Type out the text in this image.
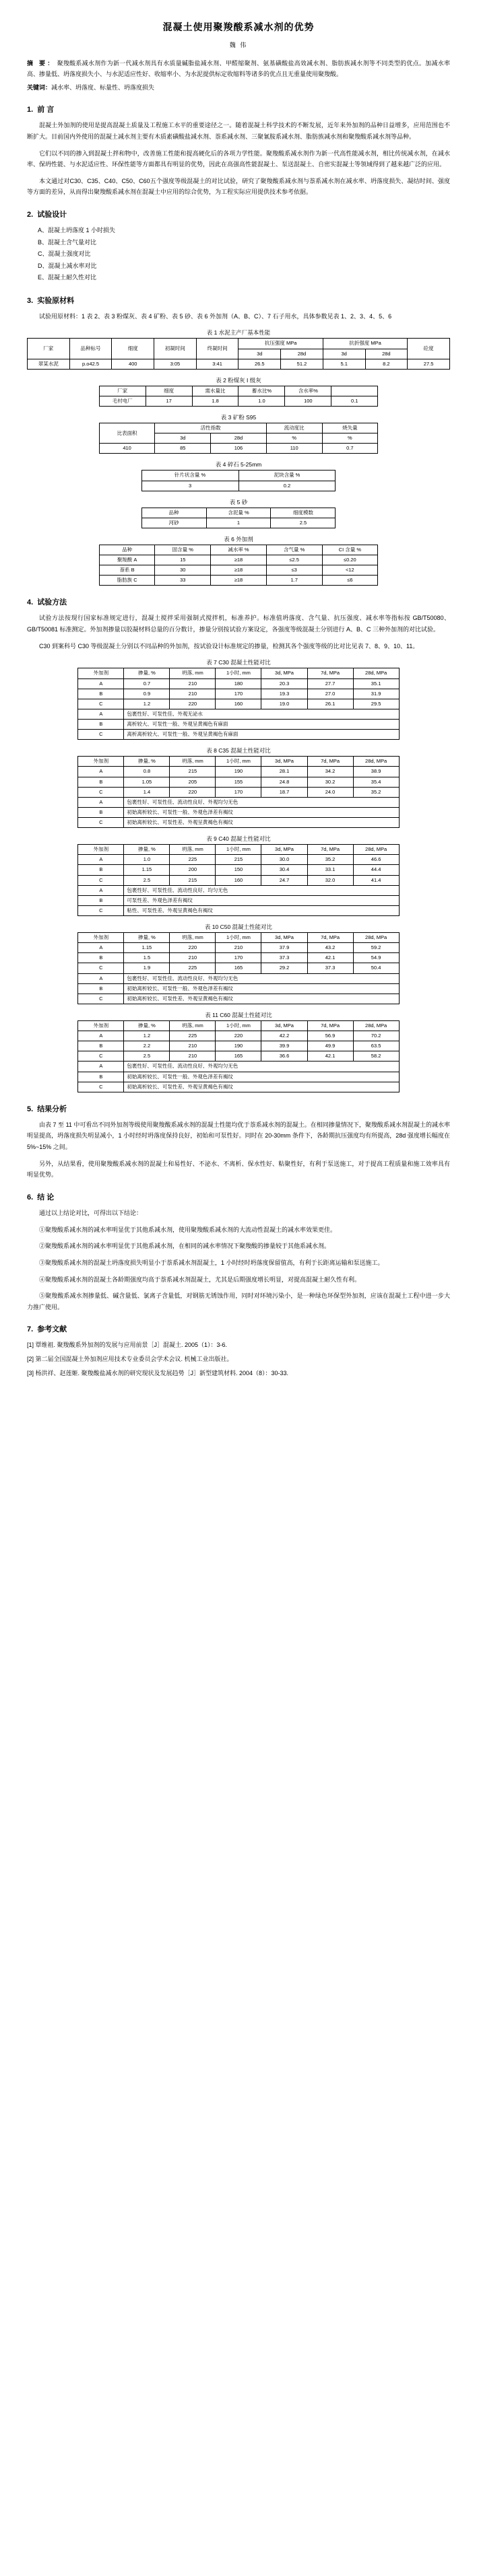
混凝土使用聚羧酸系减水剂的优势
魏 伟
摘 要： 聚羧酸系减水剂作为新一代减水剂具有水质量碱脂盐减水剂、甲醛缩聚剂、氨基磺酸盐高效减水剂、脂肪族减水剂等不同类型的优点。加减水率高、掺量低、坍落度损失小、与水泥适应性好、收缩率小、为水泥提供标定收缩料等诸多的优点且无重量使用聚羧酸。
关键词：减水率、坍落度、标量性、坍落度损失
1. 前 言

混凝土外加剂的使用是提高混凝土质量及工程施工水平的重要途径之一。随着混凝土科学技术的不断发展，近年来外加剂的品种日益增多，应用范围也不断扩大。目前国内外使用的混凝土减水剂主要有木质素磺酸盐减水剂、萘系减水剂、三聚氰胺系减水剂、脂肪族减水剂和聚羧酸系减水剂等品种。

它们以不同的掺入到混凝土拌和物中，改善施工性能和提高硬化后的各项力学性能。聚羧酸系减水剂作为新一代高性能减水剂，相比传统减水剂，在减水率、保坍性能、与水泥适应性、环保性能等方面都具有明显的优势，因此在高强高性能混凝土、泵送混凝土、自密实混凝土等领域得到了越来越广泛的应用。

本文通过对C30、C35、C40、C50、C60五个强度等级混凝土的对比试验，研究了聚羧酸系减水剂与萘系减水剂在减水率、坍落度损失、凝结时间、强度等方面的差异，从而得出聚羧酸系减水剂在混凝土中应用的综合优势，为工程实际应用提供技术参考依据。

2. 试验设计
A、混凝土坍落度 1 小时损失
B、混凝土含气量对比
C、混凝土强度对比
D、混凝土减水率对比
E、混凝土耐久性对比
3. 实验原材料

试验用原材料：1 表 2、表 3 粉煤灰、表 4 矿粉、表 5 砂、表 6 外加剂（A、B、C）、7 石子用水，具体参数见表 1、2、3、4、5、6

表 1 水泥主产厂基本性能
厂家	品种标号	细度	初凝时间	终凝时间	抗压强度 MPa		抗折强度 MPa		砼度
					3d	28d	3d	28d	
翠某水泥	p.o42.5	400	3:05	3:41	26.5	51.2	5.1	8.2	27.5
表 2 粉煤灰 I 级灰
厂家	细度	需水量比	蓄水比%	含水率%	
毛村电厂	17	1.8	1.0	100	0.1
表 3 矿粉 S95
比表面积	活性指数		流动度比	烧失量
	3d	28d	%	%
410	85	106	110	0.7
表 4 碎石 5-25mm
针片状含量 %	泥块含量 %
3	0.2
表 5 砂
品种	含泥量 %	细度模数
河砂	1	2.5
表 6 外加剂
品种	固含量 %	减水率 %	含气量 %	CI 含量 %
聚羧酸 A	15	≥18	≤2.5	≤0.20
萘系 B	30	≥18	≤3	<12
脂肪族 C	33	≥18	1.7	≤6
4. 试验方法

试验方法按现行国家标准规定进行，混凝土搅拌采用强制式搅拌机，标准养护。标准值坍落度、含气量、抗压强度、减水率等指标按 GB/T50080、GB/T50081 标准测定。外加剂掺量以胶凝材料总量的百分数计，掺量分别按试验方案设定，各强度等级混凝土分别进行 A、B、C 三种外加剂的对比试验。

C30 到案科号 C30 等级混凝土分别以不同品种的外加剂，按试验设计标准规定的掺量，检测其各个强度等级的比对比见表 7、8、9、10、11。

表 7 C30 混凝土性能对比
外加剂	掺量, %	坍落, mm	1小时, mm	3d, MPa	7d, MPa	28d, MPa
A	0.7	210	180	20.3	27.7	35.1
B	0.9	210	170	19.3	27.0	31.9
C	1.2	220	160	19.0	26.1	29.5
A	包裹性好、可泵性佳、外观无泌水					
B	离析较大、可泵性一般、外观呈黄褐色有麻面					
C	离析离析较大、可泵性一般、外观呈黄褐色有麻面					
表 8 C35 混凝土性能对比
外加剂	掺量, %	坍落, mm	1小时, mm	3d, MPa	7d, MPa	28d, MPa
A	0.8	215	190	28.1	34.2	38.9
B	1.05	205	155	24.8	30.2	35.4
C	1.4	220	170	18.7	24.0	35.2
A	包裹性好、可泵性佳、流动性良好、外观均匀无色					
B	初始离析较长、可泵性一般、外观色泽差有褐纹					
C	初始离析较长、可泵性差、外观呈黄褐色有褐纹					
表 9 C40 混凝土性能对比
外加剂	掺量, %	坍落, mm	1小时, mm	3d, MPa	7d, MPa	28d, MPa
A	1.0	225	215	30.0	35.2	46.6
B	1.15	200	150	30.4	33.1	44.4
C	2.5	215	160	24.7	32.0	41.4
A	包裹性好、可泵性佳、流动性良好、均匀无色					
B	可泵性差、外观色泽差有褐纹					
C	粘性、可泵性差、外观呈黄褐色有褐纹					
表 10 C50 混凝土性能对比
外加剂	掺量, %	坍落, mm	1小时, mm	3d, MPa	7d, MPa	28d, MPa
A	1.15	220	210	37.9	43.2	59.2
B	1.5	210	170	37.3	42.1	54.9
C	1.9	225	165	29.2	37.3	50.4
A	包裹性好、可泵性佳、流动性良好、外观均匀无色					
B	初始离析较长、可泵性一般、外观色泽差有褐纹					
C	初始离析较长、可泵性差、外观呈黄褐色有褐纹					
表 11 C60 混凝土性能对比
外加剂	掺量, %	坍落, mm	1小时, mm	3d, MPa	7d, MPa	28d, MPa
A	1.2	225	220	42.2	56.9	70.2
B	2.2	210	190	39.9	49.9	63.5
C	2.5	210	165	36.6	42.1	58.2
A	包裹性好、可泵性佳、流动性良好、外观均匀无色					
B	初始离析较长、可泵性一般、外观色泽差有褐纹					
C	初始离析较长、可泵性差、外观呈黄褐色有褐纹					
5. 结果分析

由表 7 至 11 中可看出不同外加剂等级使用聚羧酸系减水剂的混凝土性能均优于萘系减水剂的混凝土。在相同掺量情况下，聚羧酸系减水剂混凝土的减水率明显提高，坍落度损失明显减小，1 小时经时坍落度保持良好，初始和可泵性好。同时在 20-30mm 条件下，各龄期抗压强度均有所提高，28d 强度增长幅度在 5%~15% 之间。

另外，从结果看，使用聚羧酸系减水剂的混凝土和易性好、不泌水、不离析、保水性好、粘聚性好，有利于泵送施工，对于提高工程质量和施工效率具有明显优势。

6. 结 论

通过以上结论对比，可得出以下结论：

①聚羧酸系减水剂的减水率明显优于其他系减水剂，使用聚羧酸系减水剂的大流动性混凝土的减水率效果更佳。

②聚羧酸系减水剂的减水率明显优于其他系减水剂，在相同的减水率情况下聚羧酸的掺量较于其他系减水剂。

③聚羧酸系减水剂的混凝土坍落度损失明显小于萘系减水剂混凝土，1 小时经时坍落度保留值高，有利于长距离运输和泵送施工。

④聚羧酸系减水剂的混凝土各龄期强度均高于萘系减水剂混凝土，尤其是后期强度增长明显，对提高混凝土耐久性有利。

⑤聚羧酸系减水剂掺量低、碱含量低、氯离子含量低，对钢筋无锈蚀作用，同时对环境污染小，是一种绿色环保型外加剂，应该在混凝土工程中进一步大力推广使用。

7. 参考文献

[1] 覃维祖. 聚羧酸系外加剂的发展与应用前景［J］混凝土. 2005（1）：3-6.

[2] 第二届全国混凝土外加剂应用技术专业委员会学术会议. 机械工业出版社。

[3] 杨洪祥、赵莲姬. 聚羧酸盐减水剂的研究现状及发展趋势［J］新型建筑材料. 2004（8）：30-33.
